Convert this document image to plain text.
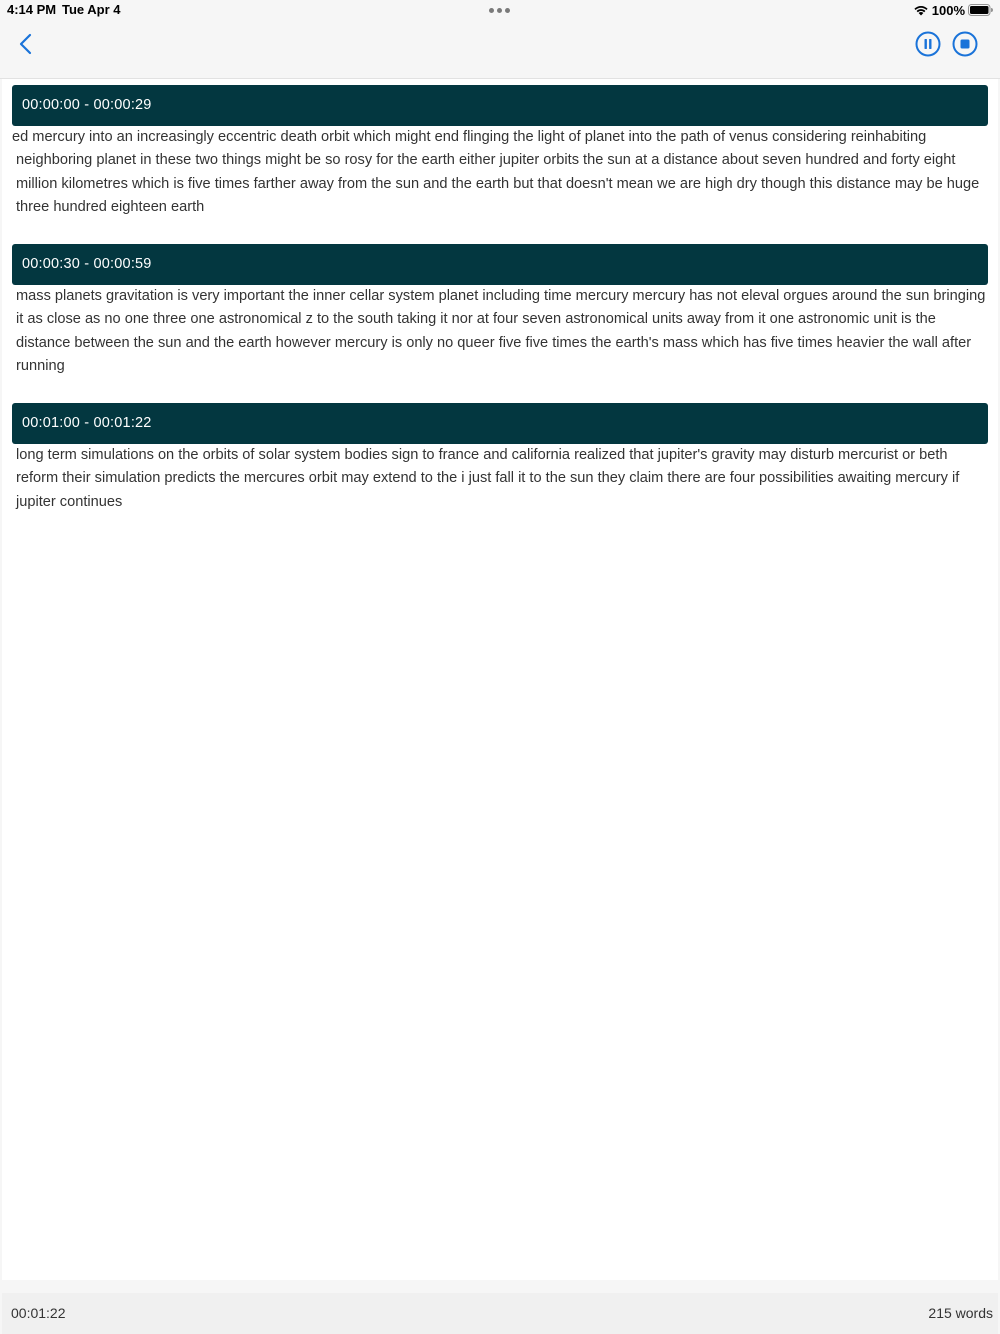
4:14 PM Tue Apr 4	100%
00:00:00 - 00:00:29

ed mercury into an increasingly eccentric death orbit which might end flinging the light of planet into the path of venus considering reinhabiting neighboring planet in these two things might be so rosy for the earth either jupiter orbits the sun at a distance about seven hundred and forty eight million kilometres which is five times farther away from the sun and the earth but that doesn't mean we are high dry though this distance may be huge three hundred eighteen earth

00:00:30 - 00:00:59

mass planets gravitation is very important the inner cellar system planet including time mercury mercury has not eleval orgues around the sun bringing it as close as no one three one astronomical z to the south taking it nor at four seven astronomical units away from it one astronomic unit is the distance between the sun and the earth however mercury is only no queer five five times the earth's mass which has five times heavier the wall after running

00:01:00 - 00:01:22

long term simulations on the orbits of solar system bodies sign to france and california realized that jupiter's gravity may disturb mercurist or beth reform their simulation predicts the mercures orbit may extend to the i just fall it to the sun they claim there are four possibilities awaiting mercury if jupiter continues

00:01:22	215 words
